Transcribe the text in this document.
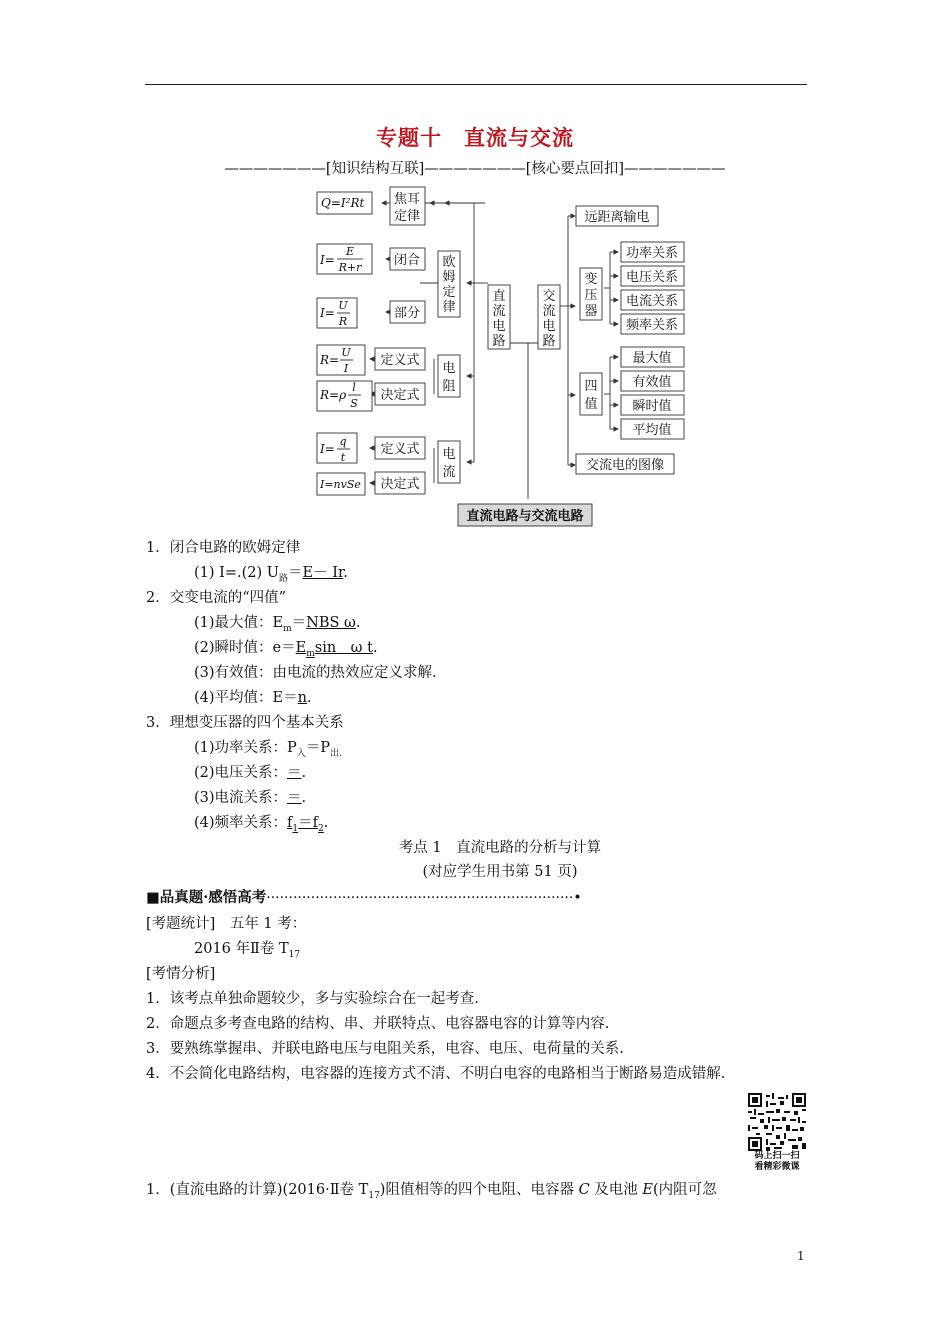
专题十 直流与交流
———————[知识结构互联]———————[核心要点回扣]———————
Q=I²Rt 焦耳
定律
I=
E
R+r	闭合
I=
U
R
部分
欧
姆
定
律
R=
U
I
定义式
R=ρ
l
S
决定式
电
阻
I=
q
t
定义式
I=nvSe 决定式
电
流
直
流
电
路
交
流
电
路
直流电路与交流电路
远距离输电
变
压
器
功率关系
电压关系
电流关系
频率关系
四
值
最大值
有效值
瞬时值
平均值
交流电的图像
1．闭合电路的欧姆定律
(1) I=.(2) $U_路=E- Ir$.
2．交变电流的“四值”
(1)最大值：$E_m=NBS$ ω.
(2)瞬时值：$e=E_m\sin$　ω t.
(3)有效值：由电流的热效应定义求解.
(4)平均值：E＝n.
3．理想变压器的四个基本关系
(1)功率关系：$P_入=P_{出.}$
(2)电压关系：＝.
(3)电流关系：＝.
(4)频率关系：$f_1=f_2$.
考点 1　直流电路的分析与计算
(对应学生用书第 51 页)
■品真题·感悟高考·····································································•
[考题统计]　五年 1 考：
2016 年Ⅱ卷 $T_{17}$
[考情分析]
1．该考点单独命题较少，多与实验综合在一起考查.
2．命题点多考查电路的结构、串、并联特点、电容器电容的计算等内容.
3．要熟练掌握串、并联电路电压与电阻关系，电容、电压、电荷量的关系.
4．不会简化电路结构，电容器的连接方式不清、不明白电容的电路相当于断路易造成错解.
码上扫一扫
看精彩微课
1．(直流电路的计算)(2016·Ⅱ卷 $T_{17}$)阻值相等的四个电阻、电容器 C 及电池 E(内阻可忽
1
